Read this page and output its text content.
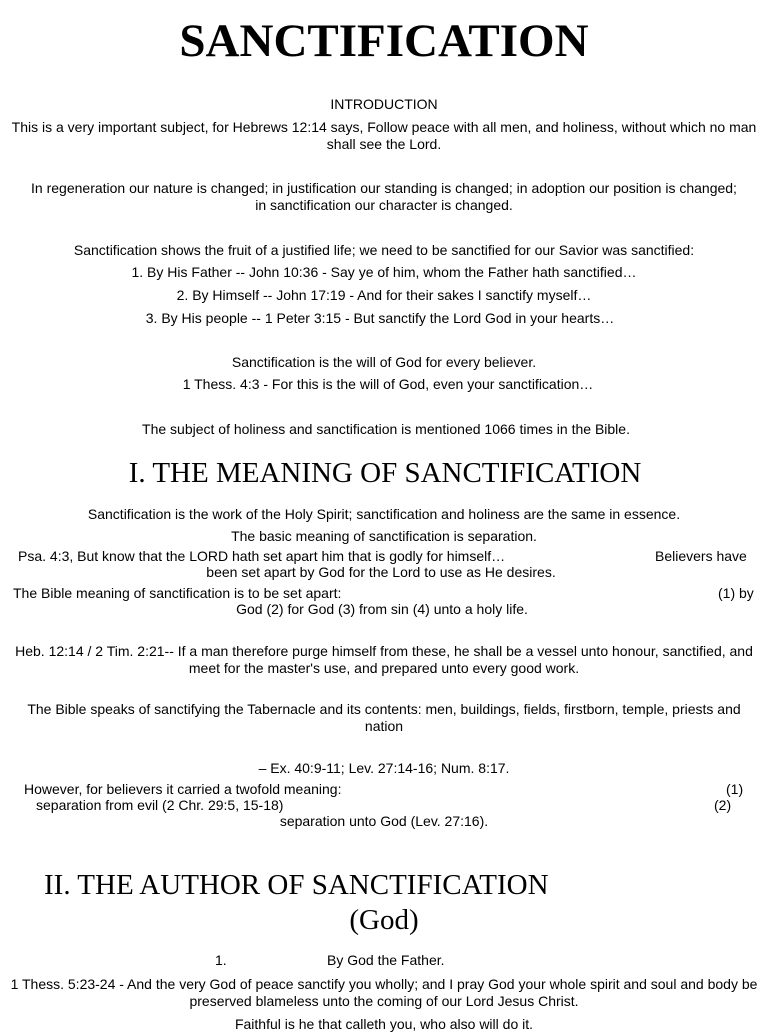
SANCTIFICATION
INTRODUCTION
This is a very important subject, for Hebrews 12:14 says, Follow peace with all men, and holiness, without which no man shall see the Lord.
In regeneration our nature is changed; in justification our standing is changed; in adoption our position is changed; in sanctification our character is changed.
Sanctification shows the fruit of a justified life; we need to be sanctified for our Savior was sanctified:
1. By His Father -- John 10:36 - Say ye of him, whom the Father hath sanctified…
2. By Himself -- John 17:19 - And for their sakes I sanctify myself…
3. By His people -- 1 Peter 3:15 - But sanctify the Lord God in your hearts…
Sanctification is the will of God for every believer.
1 Thess. 4:3 - For this is the will of God, even your sanctification…
The subject of holiness and sanctification is mentioned 1066 times in the Bible.
I. THE MEANING OF SANCTIFICATION
Sanctification is the work of the Holy Spirit; sanctification and holiness are the same in essence.
The basic meaning of sanctification is separation.
Psa. 4:3, But know that the LORD hath set apart him that is godly for himself…	Believers have
been set apart by God for the Lord to use as He desires.
The Bible meaning of sanctification is to be set apart:	(1) by
God (2) for God (3) from sin (4) unto a holy life.
Heb. 12:14 / 2 Tim. 2:21-- If a man therefore purge himself from these, he shall be a vessel unto honour, sanctified, and meet for the master's use, and prepared unto every good work.
The Bible speaks of sanctifying the Tabernacle and its contents: men, buildings, fields, firstborn, temple, priests and nation
– Ex. 40:9-11; Lev. 27:14-16; Num. 8:17.
However, for believers it carried a twofold meaning:	(1)
separation from evil (2 Chr. 29:5, 15-18)	(2)
separation unto God (Lev. 27:16).
II. THE AUTHOR OF SANCTIFICATION
(God)
1.	By God the Father.
1 Thess. 5:23-24 - And the very God of peace sanctify you wholly; and I pray God your whole spirit and soul and body be preserved blameless unto the coming of our Lord Jesus Christ.
Faithful is he that calleth you, who also will do it.
